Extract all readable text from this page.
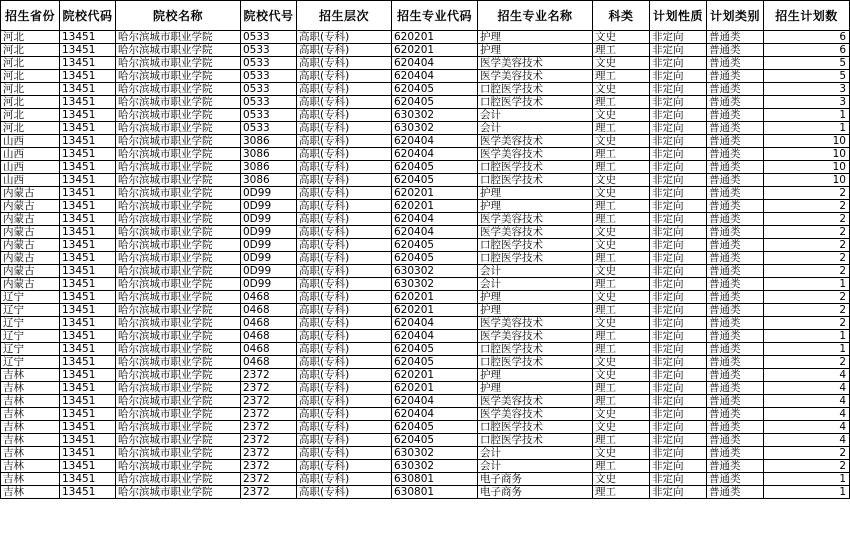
招生省份	院校代码	院校名称	院校代号	招生层次	招生专业代码	招生专业名称	科类	计划性质	计划类别	招生计划数
河北	13451	哈尔滨城市职业学院	0533	高职(专科)	620201	护理	文史	非定向	普通类	6
河北	13451	哈尔滨城市职业学院	0533	高职(专科)	620201	护理	理工	非定向	普通类	6
河北	13451	哈尔滨城市职业学院	0533	高职(专科)	620404	医学美容技术	文史	非定向	普通类	5
河北	13451	哈尔滨城市职业学院	0533	高职(专科)	620404	医学美容技术	理工	非定向	普通类	5
河北	13451	哈尔滨城市职业学院	0533	高职(专科)	620405	口腔医学技术	文史	非定向	普通类	3
河北	13451	哈尔滨城市职业学院	0533	高职(专科)	620405	口腔医学技术	理工	非定向	普通类	3
河北	13451	哈尔滨城市职业学院	0533	高职(专科)	630302	会计	文史	非定向	普通类	1
河北	13451	哈尔滨城市职业学院	0533	高职(专科)	630302	会计	理工	非定向	普通类	1
山西	13451	哈尔滨城市职业学院	3086	高职(专科)	620404	医学美容技术	文史	非定向	普通类	10
山西	13451	哈尔滨城市职业学院	3086	高职(专科)	620404	医学美容技术	理工	非定向	普通类	10
山西	13451	哈尔滨城市职业学院	3086	高职(专科)	620405	口腔医学技术	理工	非定向	普通类	10
山西	13451	哈尔滨城市职业学院	3086	高职(专科)	620405	口腔医学技术	文史	非定向	普通类	10
内蒙古	13451	哈尔滨城市职业学院	0D99	高职(专科)	620201	护理	文史	非定向	普通类	2
内蒙古	13451	哈尔滨城市职业学院	0D99	高职(专科)	620201	护理	理工	非定向	普通类	2
内蒙古	13451	哈尔滨城市职业学院	0D99	高职(专科)	620404	医学美容技术	理工	非定向	普通类	2
内蒙古	13451	哈尔滨城市职业学院	0D99	高职(专科)	620404	医学美容技术	文史	非定向	普通类	2
内蒙古	13451	哈尔滨城市职业学院	0D99	高职(专科)	620405	口腔医学技术	文史	非定向	普通类	2
内蒙古	13451	哈尔滨城市职业学院	0D99	高职(专科)	620405	口腔医学技术	理工	非定向	普通类	2
内蒙古	13451	哈尔滨城市职业学院	0D99	高职(专科)	630302	会计	文史	非定向	普通类	2
内蒙古	13451	哈尔滨城市职业学院	0D99	高职(专科)	630302	会计	理工	非定向	普通类	1
辽宁	13451	哈尔滨城市职业学院	0468	高职(专科)	620201	护理	文史	非定向	普通类	2
辽宁	13451	哈尔滨城市职业学院	0468	高职(专科)	620201	护理	理工	非定向	普通类	2
辽宁	13451	哈尔滨城市职业学院	0468	高职(专科)	620404	医学美容技术	文史	非定向	普通类	2
辽宁	13451	哈尔滨城市职业学院	0468	高职(专科)	620404	医学美容技术	理工	非定向	普通类	1
辽宁	13451	哈尔滨城市职业学院	0468	高职(专科)	620405	口腔医学技术	理工	非定向	普通类	1
辽宁	13451	哈尔滨城市职业学院	0468	高职(专科)	620405	口腔医学技术	文史	非定向	普通类	2
吉林	13451	哈尔滨城市职业学院	2372	高职(专科)	620201	护理	文史	非定向	普通类	4
吉林	13451	哈尔滨城市职业学院	2372	高职(专科)	620201	护理	理工	非定向	普通类	4
吉林	13451	哈尔滨城市职业学院	2372	高职(专科)	620404	医学美容技术	理工	非定向	普通类	4
吉林	13451	哈尔滨城市职业学院	2372	高职(专科)	620404	医学美容技术	文史	非定向	普通类	4
吉林	13451	哈尔滨城市职业学院	2372	高职(专科)	620405	口腔医学技术	文史	非定向	普通类	4
吉林	13451	哈尔滨城市职业学院	2372	高职(专科)	620405	口腔医学技术	理工	非定向	普通类	4
吉林	13451	哈尔滨城市职业学院	2372	高职(专科)	630302	会计	文史	非定向	普通类	2
吉林	13451	哈尔滨城市职业学院	2372	高职(专科)	630302	会计	理工	非定向	普通类	2
吉林	13451	哈尔滨城市职业学院	2372	高职(专科)	630801	电子商务	文史	非定向	普通类	1
吉林	13451	哈尔滨城市职业学院	2372	高职(专科)	630801	电子商务	理工	非定向	普通类	1
